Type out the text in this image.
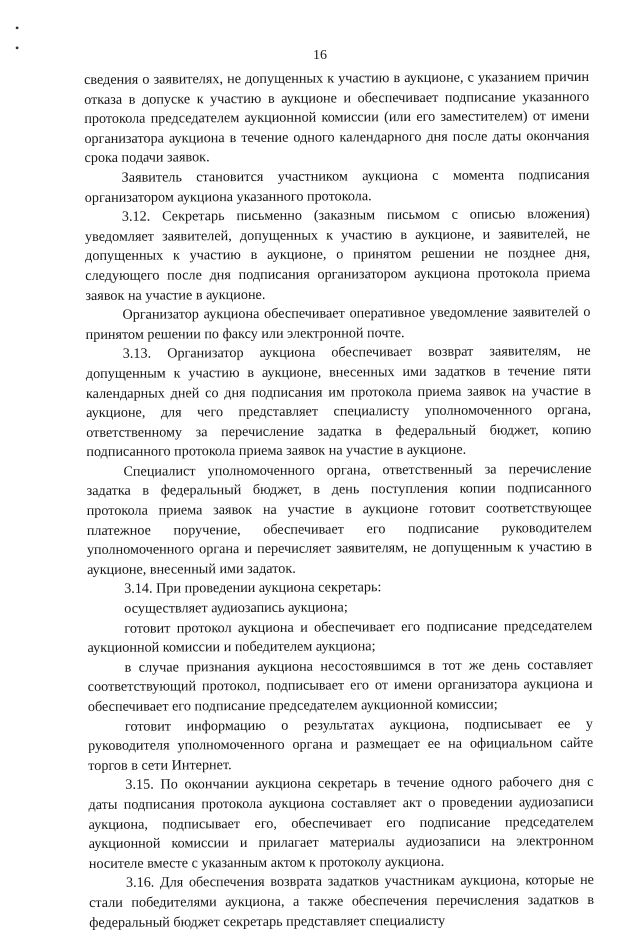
•
•	16

сведения о заявителях, не допущенных к участию в аукционе, с указанием причин отказа в допуске к участию в аукционе и обеспечивает подписание указанного протокола председателем аукционной комиссии (или его заместителем) от имени организатора аукциона в течение одного календарного дня после даты окончания срока подачи заявок.

Заявитель становится участником аукциона с момента подписания организатором аукциона указанного протокола.

3.12. Секретарь письменно (заказным письмом с описью вложения) уведомляет заявителей, допущенных к участию в аукционе, и заявителей, не допущенных к участию в аукционе, о принятом решении не позднее дня, следующего после дня подписания организатором аукциона протокола приема заявок на участие в аукционе.

Организатор аукциона обеспечивает оперативное уведомление заявителей о принятом решении по факсу или электронной почте.

3.13. Организатор аукциона обеспечивает возврат заявителям, не допущенным к участию в аукционе, внесенных ими задатков в течение пяти календарных дней со дня подписания им протокола приема заявок на участие в аукционе, для чего представляет специалисту уполномоченного органа, ответственному за перечисление задатка в федеральный бюджет, копию подписанного протокола приема заявок на участие в аукционе.

Специалист уполномоченного органа, ответственный за перечисление задатка в федеральный бюджет, в день поступления копии подписанного протокола приема заявок на участие в аукционе готовит соответствующее платежное поручение, обеспечивает его подписание руководителем уполномоченного органа и перечисляет заявителям, не допущенным к участию в аукционе, внесенный ими задаток.

3.14. При проведении аукциона секретарь:

осуществляет аудиозапись аукциона;

готовит протокол аукциона и обеспечивает его подписание председателем аукционной комиссии и победителем аукциона;

в случае признания аукциона несостоявшимся в тот же день составляет соответствующий протокол, подписывает его от имени организатора аукциона и обеспечивает его подписание председателем аукционной комиссии;

готовит информацию о результатах аукциона, подписывает ее у руководителя уполномоченного органа и размещает ее на официальном сайте торгов в сети Интернет.

3.15. По окончании аукциона секретарь в течение одного рабочего дня с даты подписания протокола аукциона составляет акт о проведении аудиозаписи аукциона, подписывает его, обеспечивает его подписание председателем аукционной комиссии и прилагает материалы аудиозаписи на электронном носителе вместе с указанным актом к протоколу аукциона.

3.16. Для обеспечения возврата задатков участникам аукциона, которые не стали победителями аукциона, а также обеспечения перечисления задатков в федеральный бюджет секретарь представляет специалисту
